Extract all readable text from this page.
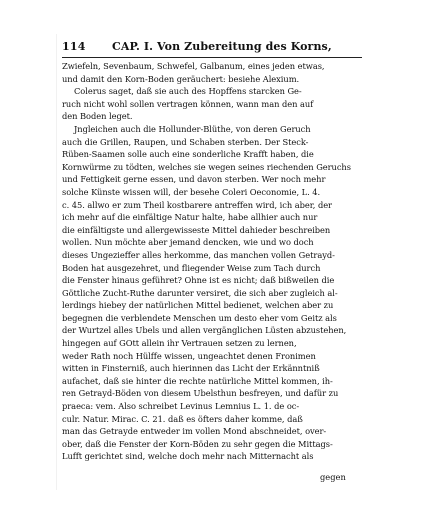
114 CAP. I. Von Zubereitung des Korns,
Zwiefeln, Sevenbaum, Schwefel, Galbanum, eines jeden etwas,
und damit den Korn-Boden geräuchert: besiehe Alexium.
Colerus saget, daß sie auch des Hopffens starcken Ge-
ruch nicht wohl sollen vertragen können, wann man den auf
den Boden leget.
Jngleichen auch die Hollunder-Blüthe, von deren Geruch
auch die Grillen, Raupen, und Schaben sterben. Der Steck-
Rüben-Saamen solle auch eine sonderliche Krafft haben, die
Kornwürme zu tödten, welches sie wegen seines riechenden Geruchs
und Fettigkeit gerne essen, und davon sterben. Wer noch mehr
solche Künste wissen will, der besehe Coleri Oeconomie, L. 4.
c. 45. allwo er zum Theil kostbarere antreffen wird, ich aber, der
ich mehr auf die einfältige Natur halte, habe allhier auch nur
die einfältigste und allergewisseste Mittel dahieder beschreiben
wollen. Nun möchte aber jemand dencken, wie und wo doch
dieses Ungezieffer alles herkomme, das manchen vollen Getrayd-
Boden hat ausgezehret, und fliegender Weise zum Tach durch
die Fenster hinaus geführet? Ohne ist es nicht; daß bißweilen die
Göttliche Zucht-Ruthe darunter versiret, die sich aber zugleich al-
lerdings hiebey der natürlichen Mittel bedienet, welchen aber zu
begegnen die verblendete Menschen um desto eher vom Geitz als
der Wurtzel alles Ubels und allen vergänglichen Lüsten abzustehen,
hingegen auf GOtt allein ihr Vertrauen setzen zu lernen,
weder Rath noch Hülffe wissen, ungeachtet denen Fronimen
witten in Finsterniß, auch hierinnen das Licht der Erkänntniß
aufachet, daß sie hinter die rechte natürliche Mittel kommen, ih-
ren Getrayd-Böden von diesem Ubelsthun besfreyen, und dafür zu
praeca: vem. Also schreibet Levinus Lemnius L. 1. de oc-
culr. Natur. Mirac. C. 21. daß es öfters daher komme, daß
man das Getrayde entweder im vollen Mond abschneidet, over-
ober, daß die Fenster der Korn-Böden zu sehr gegen die Mittags-
Lufft gerichtet sind, welche doch mehr nach Mitternacht als
gegen
